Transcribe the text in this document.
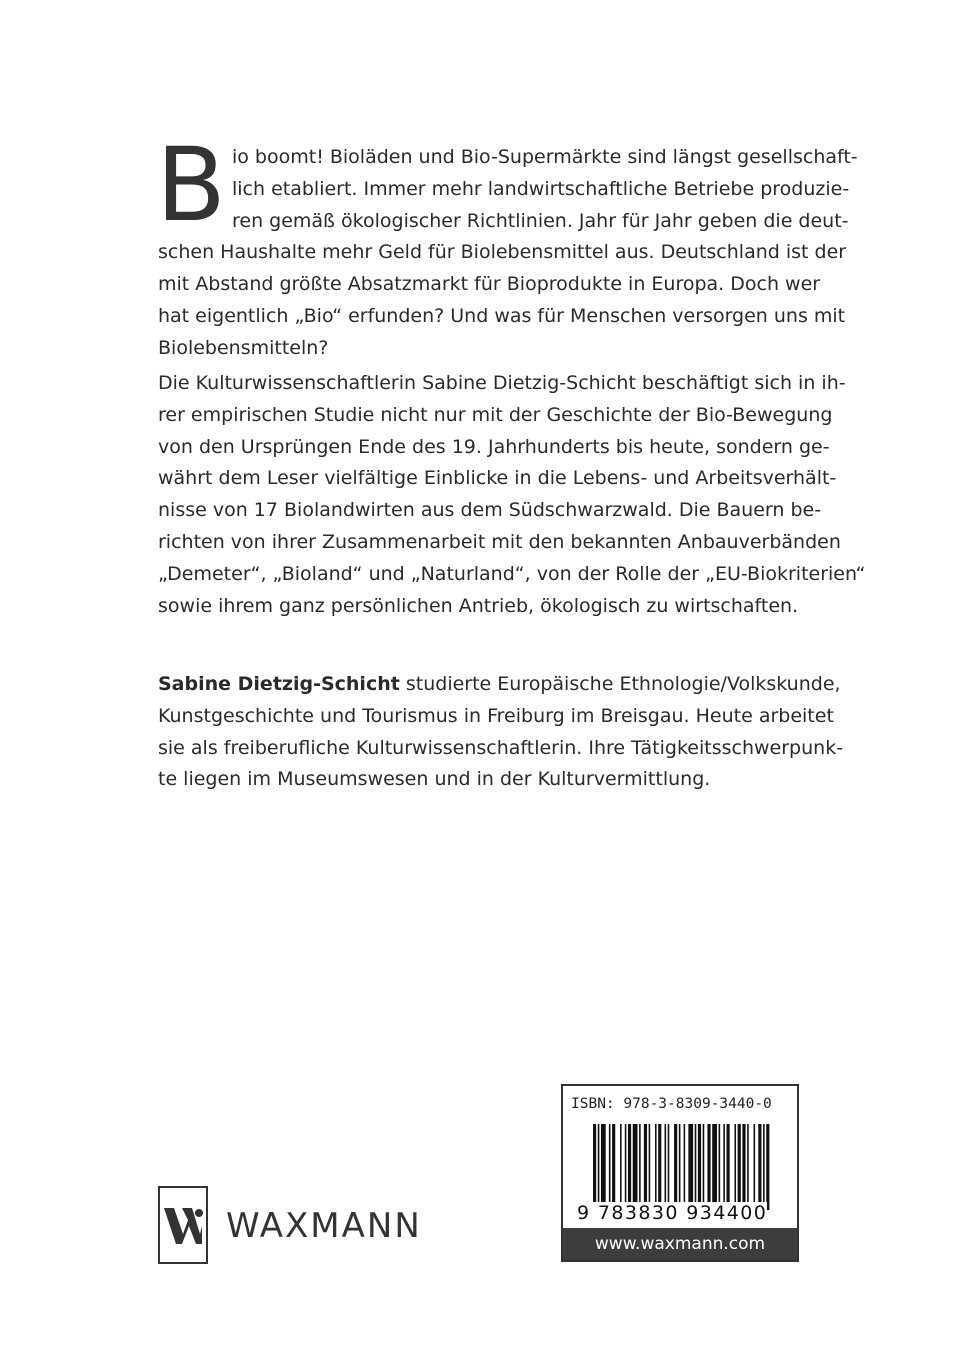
B io boomt! Bioläden und Bio-Supermärkte sind längst gesellschaft-
lich etabliert. Immer mehr landwirtschaftliche Betriebe produzie-
ren gemäß ökologischer Richtlinien. Jahr für Jahr geben die deut-
schen Haushalte mehr Geld für Biolebensmittel aus. Deutschland ist der
mit Abstand größte Absatzmarkt für Bioprodukte in Europa. Doch wer
hat eigentlich „Bio“ erfunden? Und was für Menschen versorgen uns mit
Biolebensmitteln?
Die Kulturwissenschaftlerin Sabine Dietzig-Schicht beschäftigt sich in ih-
rer empirischen Studie nicht nur mit der Geschichte der Bio-Bewegung
von den Ursprüngen Ende des 19. Jahrhunderts bis heute, sondern ge-
währt dem Leser vielfältige Einblicke in die Lebens- und Arbeitsverhält-
nisse von 17 Biolandwirten aus dem Südschwarzwald. Die Bauern be-
richten von ihrer Zusammenarbeit mit den bekannten Anbauverbänden
„Demeter“, „Bioland“ und „Naturland“, von der Rolle der „EU-Biokriterien“
sowie ihrem ganz persönlichen Antrieb, ökologisch zu wirtschaften.
Sabine Dietzig-Schicht studierte Europäische Ethnologie/Volkskunde,
Kunstgeschichte und Tourismus in Freiburg im Breisgau. Heute arbeitet
sie als freiberufliche Kulturwissenschaftlerin. Ihre Tätigkeitsschwerpunk-
te liegen im Museumswesen und in der Kulturvermittlung.
WAXMANN
ISBN: 978-3-8309-3440-0
9 783830 934400
www.waxmann.com
